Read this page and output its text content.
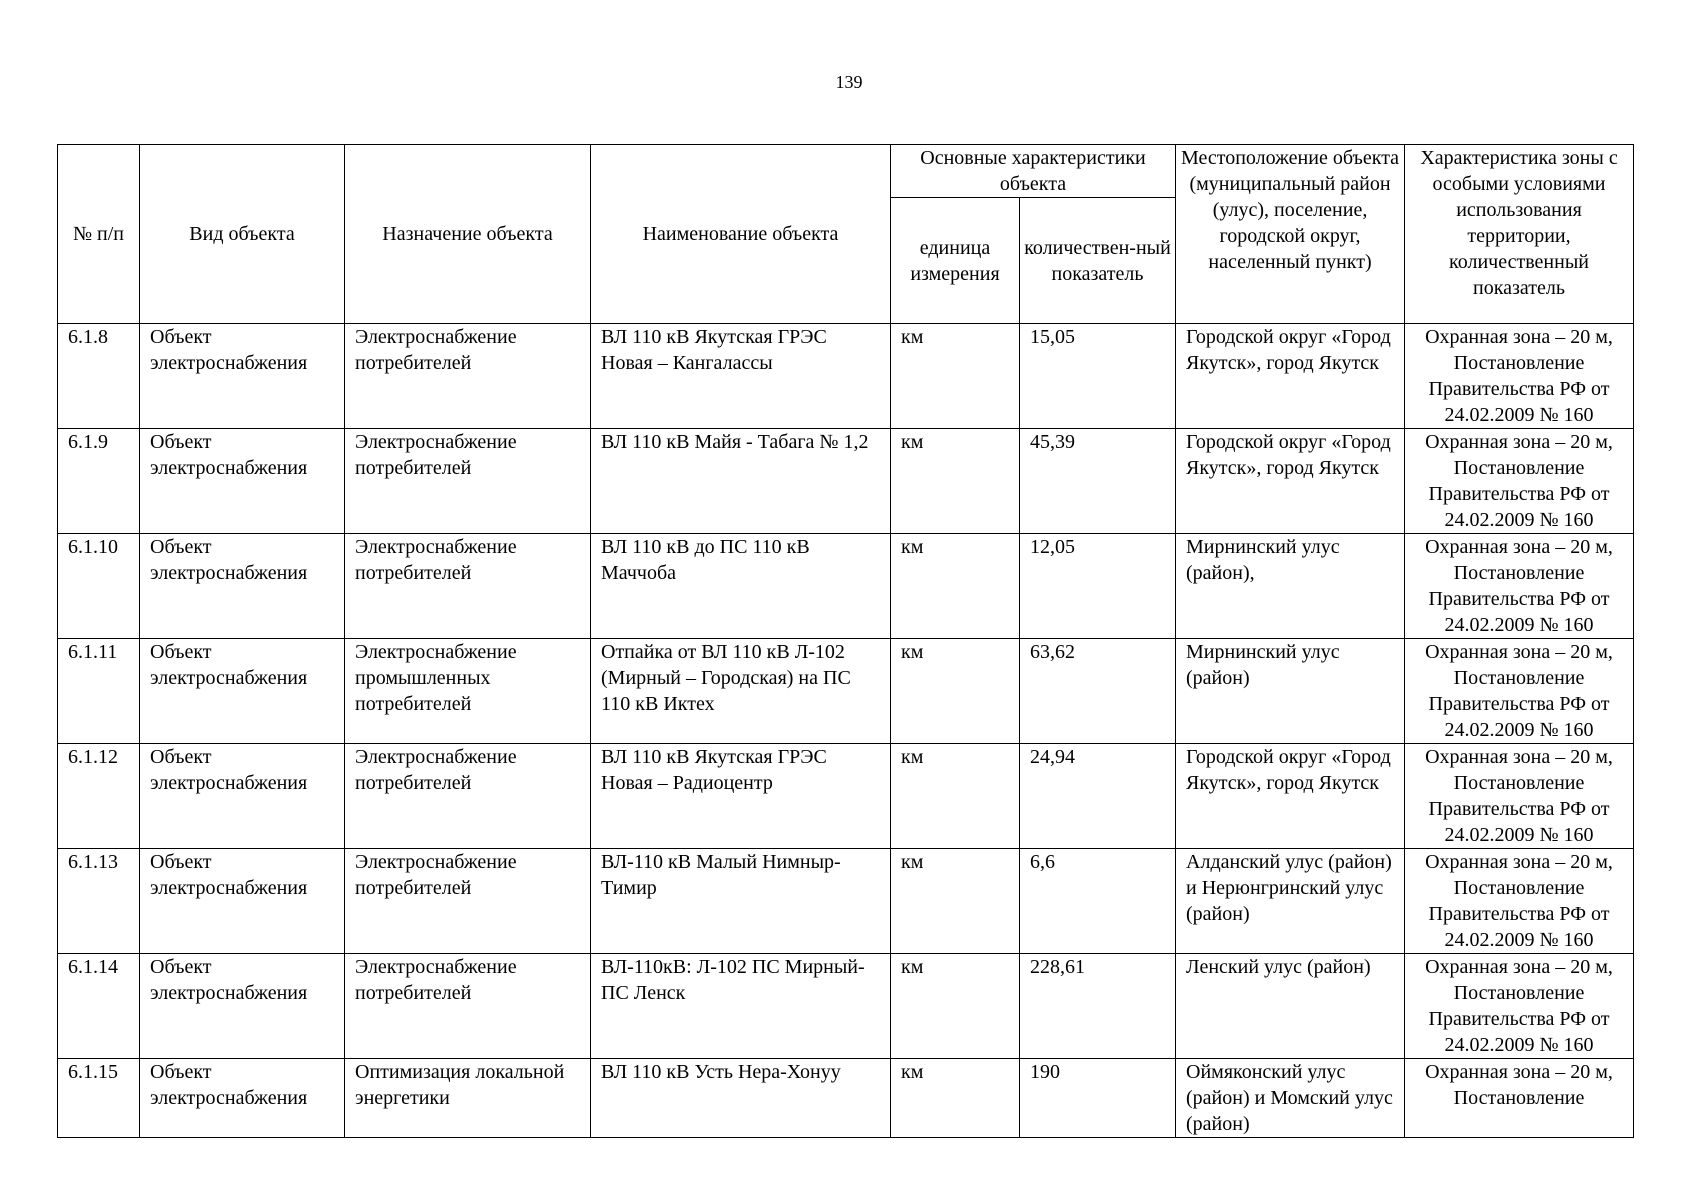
139
№ п/п	Вид объекта	Назначение объекта	Наименование объекта	Основные характеристики объекта		Местоположение объекта (муниципальный район (улус), поселение, городской округ, населенный пункт)	Характеристика зоны с особыми условиями использования территории, количественный показатель
				единица измерения	количествен-ный показатель		
6.1.8	Объект электроснабжения	Электроснабжение потребителей	ВЛ 110 кВ Якутская ГРЭС Новая – Кангалассы	км	15,05	Городской округ «Город Якутск», город Якутск	Охранная зона – 20 м, Постановление Правительства РФ от 24.02.2009 № 160
6.1.9	Объект электроснабжения	Электроснабжение потребителей	ВЛ 110 кВ Майя - Табага № 1,2	км	45,39	Городской округ «Город Якутск», город Якутск	Охранная зона – 20 м, Постановление Правительства РФ от 24.02.2009 № 160
6.1.10	Объект электроснабжения	Электроснабжение потребителей	ВЛ 110 кВ до ПС 110 кВ Маччоба	км	12,05	Мирнинский улус (район),	Охранная зона – 20 м, Постановление Правительства РФ от 24.02.2009 № 160
6.1.11	Объект электроснабжения	Электроснабжение промышленных потребителей	Отпайка от ВЛ 110 кВ Л-102 (Мирный – Городская) на ПС 110 кВ Иктех	км	63,62	Мирнинский улус (район)	Охранная зона – 20 м, Постановление Правительства РФ от 24.02.2009 № 160
6.1.12	Объект электроснабжения	Электроснабжение потребителей	ВЛ 110 кВ Якутская ГРЭС Новая – Радиоцентр	км	24,94	Городской округ «Город Якутск», город Якутск	Охранная зона – 20 м, Постановление Правительства РФ от 24.02.2009 № 160
6.1.13	Объект электроснабжения	Электроснабжение потребителей	ВЛ-110 кВ Малый Нимныр-Тимир	км	6,6	Алданский улус (район) и Нерюнгринский улус (район)	Охранная зона – 20 м, Постановление Правительства РФ от 24.02.2009 № 160
6.1.14	Объект электроснабжения	Электроснабжение потребителей	ВЛ-110кВ: Л-102 ПС Мирный- ПС Ленск	км	228,61	Ленский улус (район)	Охранная зона – 20 м, Постановление Правительства РФ от 24.02.2009 № 160
6.1.15	Объект электроснабжения	Оптимизация локальной энергетики	ВЛ 110 кВ Усть Нера-Хонуу	км	190	Оймяконский улус (район) и Момский улус (район)	Охранная зона – 20 м, Постановление
